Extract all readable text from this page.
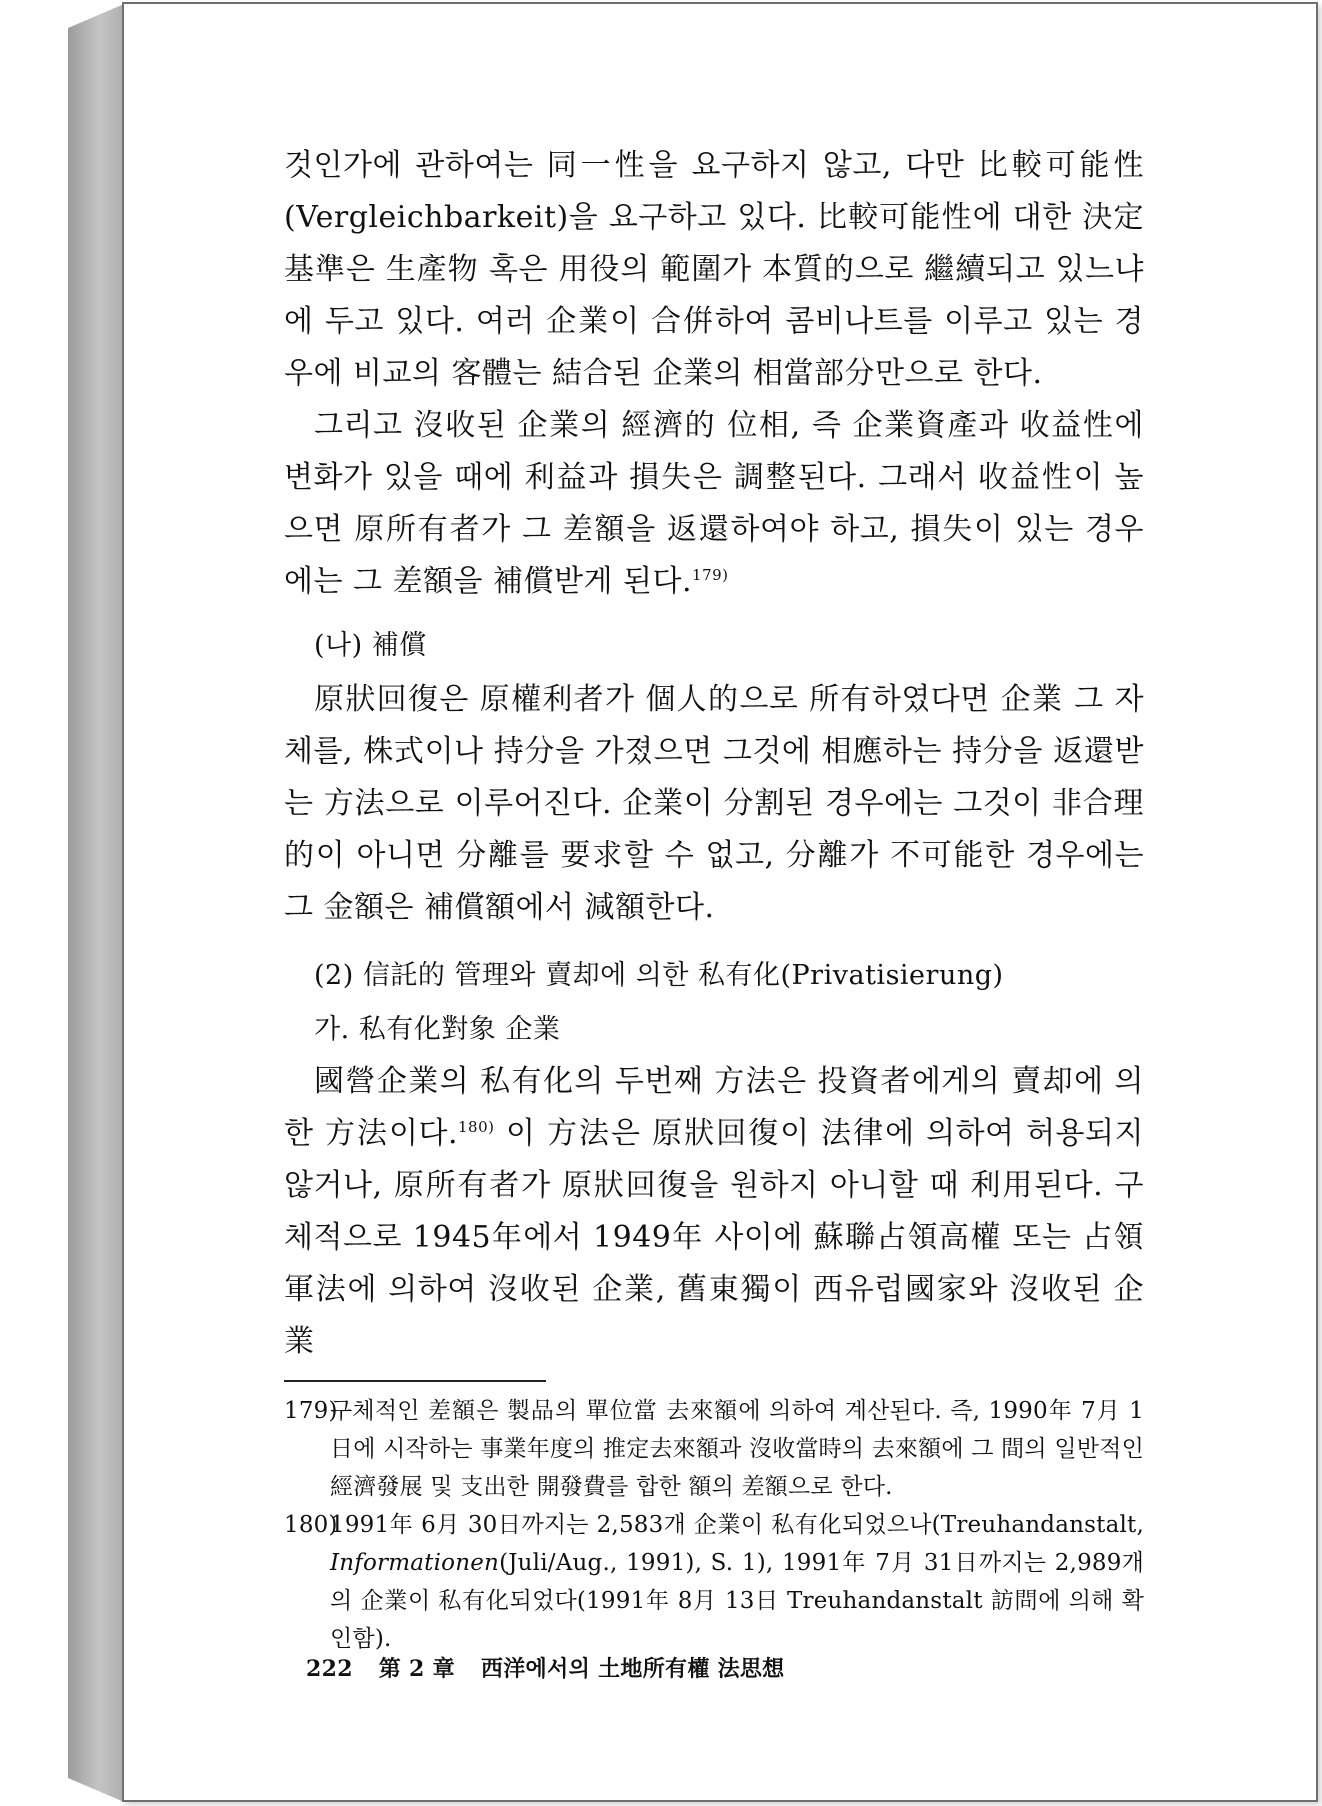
것인가에 관하여는 同一性을 요구하지 않고, 다만 比較可能性(Vergleichbarkeit)을 요구하고 있다. 比較可能性에 대한 決定基準은 生產物 혹은 用役의 範圍가 本質的으로 繼續되고 있느냐에 두고 있다. 여러 企業이 合倂하여 콤비나트를 이루고 있는 경우에 비교의 客體는 結合된 企業의 相當部分만으로 한다.

그리고 沒收된 企業의 經濟的 位相, 즉 企業資產과 收益性에 변화가 있을 때에 利益과 損失은 調整된다. 그래서 收益性이 높으면 原所有者가 그 差額을 返還하여야 하고, 損失이 있는 경우에는 그 差額을 補償받게 된다.$^{179)}$

(나) 補償

原狀回復은 原權利者가 個人的으로 所有하였다면 企業 그 자체를, 株式이나 持分을 가졌으면 그것에 相應하는 持分을 返還받는 方法으로 이루어진다. 企業이 分割된 경우에는 그것이 非合理的이 아니면 分離를 要求할 수 없고, 分離가 不可能한 경우에는 그 金額은 補償額에서 減額한다.

(2) 信託的 管理와 賣却에 의한 私有化(Privatisierung)

가. 私有化對象 企業

國營企業의 私有化의 두번째 方法은 投資者에게의 賣却에 의한 方法이다.$^{180)}$ 이 方法은 原狀回復이 法律에 의하여 허용되지 않거나, 原所有者가 原狀回復을 원하지 아니할 때 利用된다. 구체적으로 1945年에서 1949年 사이에 蘇聯占領高權 또는 占領軍法에 의하여 沒收된 企業, 舊東獨이 西유럽國家와 沒收된 企業

179)
구체적인 差額은 製品의 單位當 去來額에 의하여 계산된다. 즉, 1990年 7月 1日에 시작하는 事業年度의 推定去來額과 沒收當時의 去來額에 그 間의 일반적인 經濟發展 및 支出한 開發費를 합한 額의 差額으로 한다.
180)
1991年 6月 30日까지는 2,583개 企業이 私有化되었으나(Treuhandanstalt, Informationen(Juli/Aug., 1991), S. 1), 1991年 7月 31日까지는 2,989개의 企業이 私有化되었다(1991年 8月 13日 Treuhandanstalt 訪問에 의해 확인함).
222 第 2 章 西洋에서의 土地所有權 法思想
